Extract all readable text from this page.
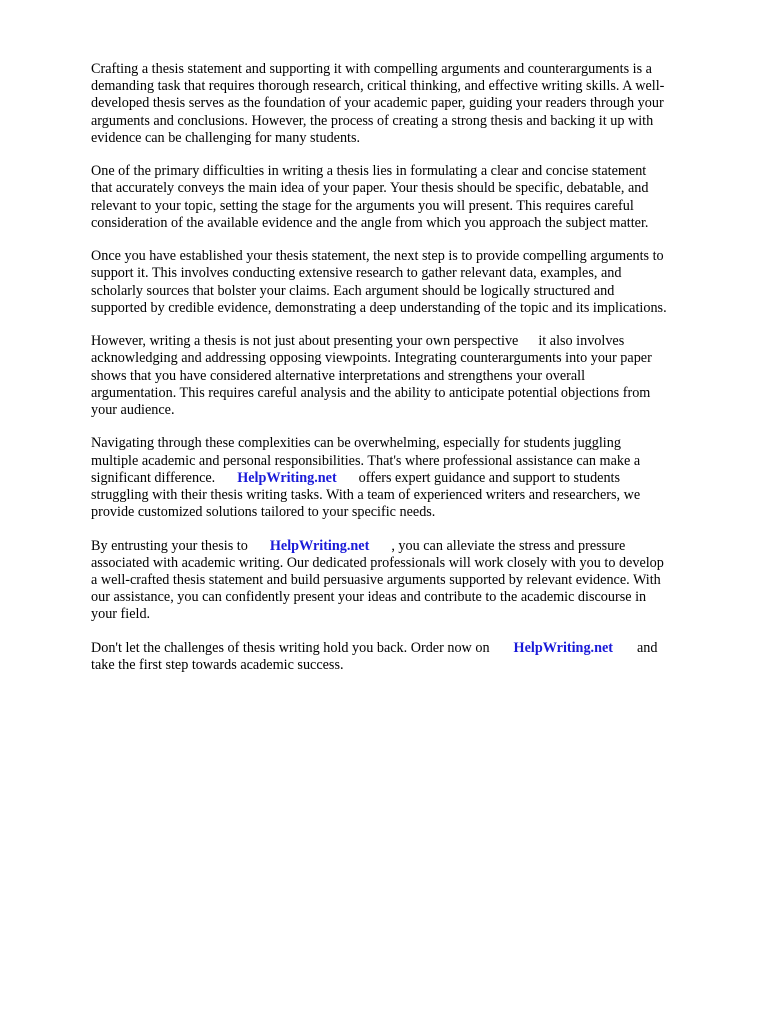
Crafting a thesis statement and supporting it with compelling arguments and counterarguments is a
demanding task that requires thorough research, critical thinking, and effective writing skills. A well-
developed thesis serves as the foundation of your academic paper, guiding your readers through your
arguments and conclusions. However, the process of creating a strong thesis and backing it up with
evidence can be challenging for many students.

One of the primary difficulties in writing a thesis lies in formulating a clear and concise statement
that accurately conveys the main idea of your paper. Your thesis should be specific, debatable, and
relevant to your topic, setting the stage for the arguments you will present. This requires careful
consideration of the available evidence and the angle from which you approach the subject matter.

Once you have established your thesis statement, the next step is to provide compelling arguments to
support it. This involves conducting extensive research to gather relevant data, examples, and
scholarly sources that bolster your claims. Each argument should be logically structured and
supported by credible evidence, demonstrating a deep understanding of the topic and its implications.

However, writing a thesis is not just about presenting your own perspective it also involves
acknowledging and addressing opposing viewpoints. Integrating counterarguments into your paper
shows that you have considered alternative interpretations and strengthens your overall
argumentation. This requires careful analysis and the ability to anticipate potential objections from
your audience.

Navigating through these complexities can be overwhelming, especially for students juggling
multiple academic and personal responsibilities. That's where professional assistance can make a
significant difference. HelpWriting.net offers expert guidance and support to students
struggling with their thesis writing tasks. With a team of experienced writers and researchers, we
provide customized solutions tailored to your specific needs.

By entrusting your thesis to HelpWriting.net , you can alleviate the stress and pressure
associated with academic writing. Our dedicated professionals will work closely with you to develop
a well-crafted thesis statement and build persuasive arguments supported by relevant evidence. With
our assistance, you can confidently present your ideas and contribute to the academic discourse in
your field.

Don't let the challenges of thesis writing hold you back. Order now on HelpWriting.net and
take the first step towards academic success.
